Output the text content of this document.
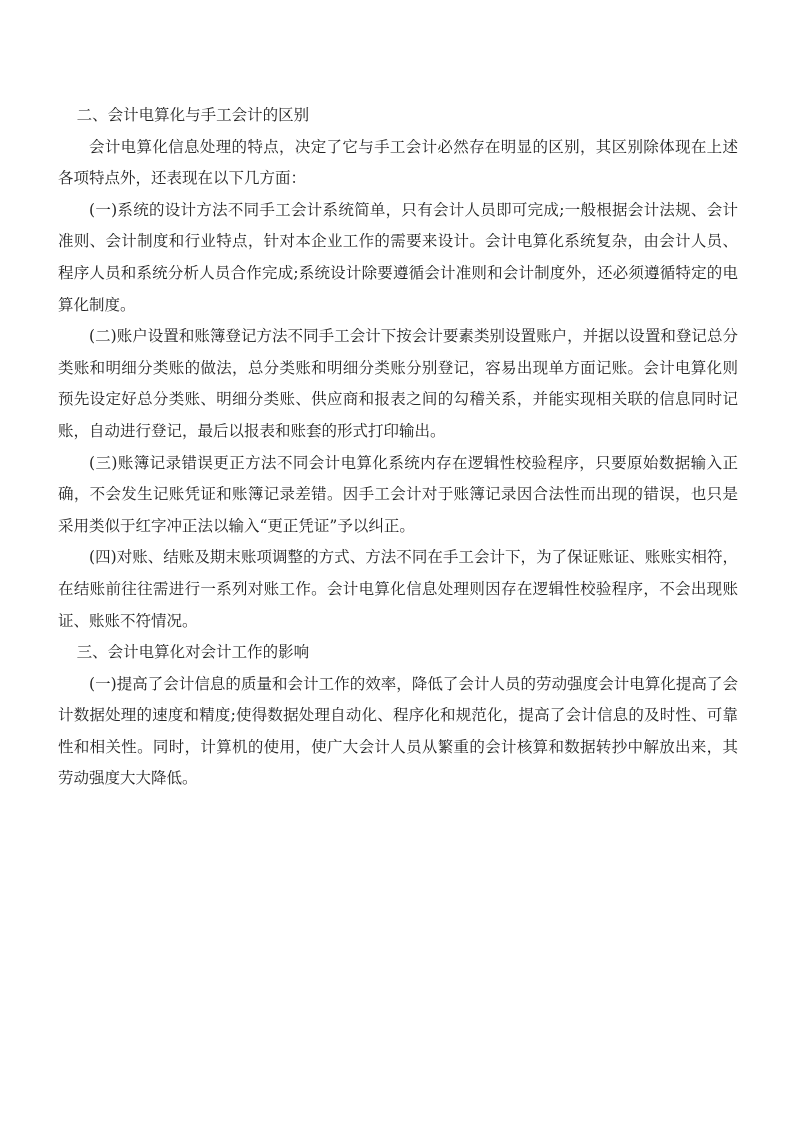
二、会计电算化与手工会计的区别

会计电算化信息处理的特点，决定了它与手工会计必然存在明显的区别，其区别除体现在上述各项特点外，还表现在以下几方面：

(一)系统的设计方法不同手工会计系统简单，只有会计人员即可完成;一般根据会计法规、会计准则、会计制度和行业特点，针对本企业工作的需要来设计。会计电算化系统复杂，由会计人员、程序人员和系统分析人员合作完成;系统设计除要遵循会计准则和会计制度外，还必须遵循特定的电算化制度。

(二)账户设置和账簿登记方法不同手工会计下按会计要素类别设置账户，并据以设置和登记总分类账和明细分类账的做法，总分类账和明细分类账分别登记，容易出现单方面记账。会计电算化则预先设定好总分类账、明细分类账、供应商和报表之间的勾稽关系，并能实现相关联的信息同时记账，自动进行登记，最后以报表和账套的形式打印输出。

(三)账簿记录错误更正方法不同会计电算化系统内存在逻辑性校验程序，只要原始数据输入正确，不会发生记账凭证和账簿记录差错。因手工会计对于账簿记录因合法性而出现的错误，也只是采用类似于红字冲正法以输入“更正凭证”予以纠正。

(四)对账、结账及期末账项调整的方式、方法不同在手工会计下，为了保证账证、账账实相符，在结账前往往需进行一系列对账工作。会计电算化信息处理则因存在逻辑性校验程序，不会出现账证、账账不符情况。

三、会计电算化对会计工作的影响

(一)提高了会计信息的质量和会计工作的效率，降低了会计人员的劳动强度会计电算化提高了会计数据处理的速度和精度;使得数据处理自动化、程序化和规范化，提高了会计信息的及时性、可靠性和相关性。同时，计算机的使用，使广大会计人员从繁重的会计核算和数据转抄中解放出来，其劳动强度大大降低。
